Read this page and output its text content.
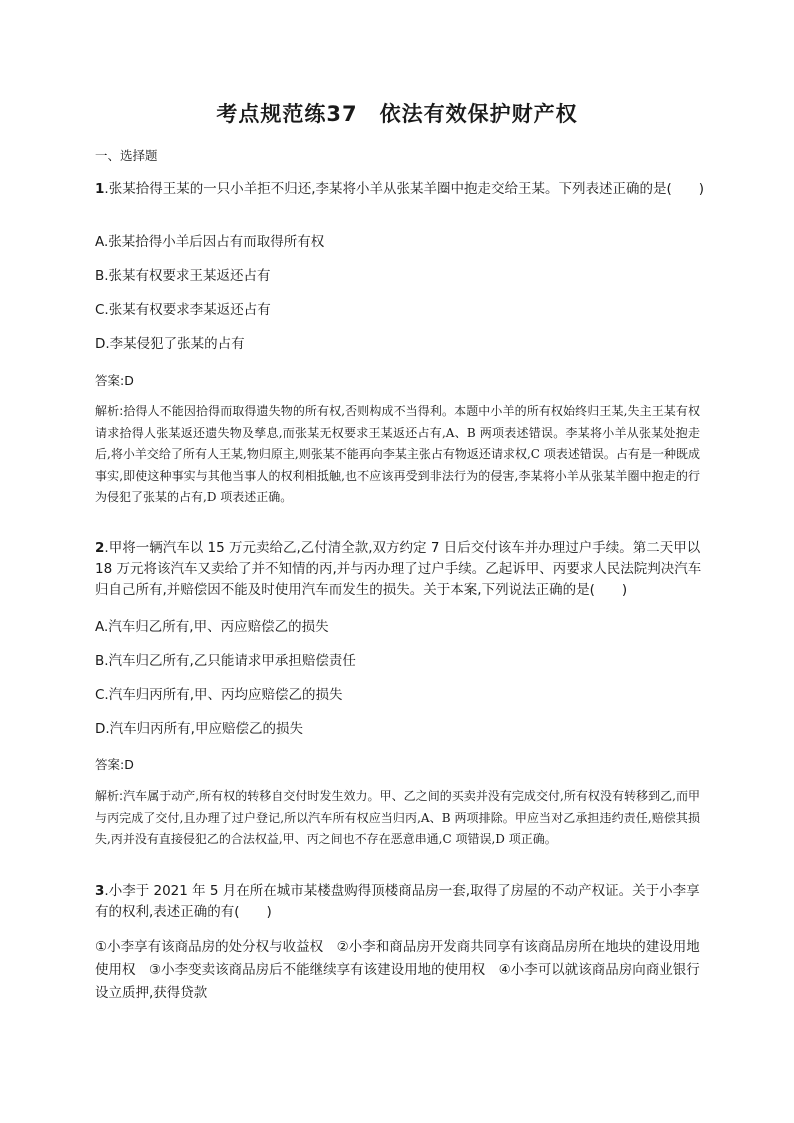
考点规范练37　依法有效保护财产权
一、选择题
1.张某拾得王某的一只小羊拒不归还,李某将小羊从张某羊圈中抱走交给王某。下列表述正确的是(　　)
A.张某拾得小羊后因占有而取得所有权
B.张某有权要求王某返还占有
C.张某有权要求李某返还占有
D.李某侵犯了张某的占有
答案:D
解析:拾得人不能因拾得而取得遗失物的所有权,否则构成不当得利。本题中小羊的所有权始终归王某,失主王某有权请求拾得人张某返还遗失物及孳息,而张某无权要求王某返还占有,A、B 两项表述错误。李某将小羊从张某处抱走后,将小羊交给了所有人王某,物归原主,则张某不能再向李某主张占有物返还请求权,C 项表述错误。占有是一种既成事实,即使这种事实与其他当事人的权利相抵触,也不应该再受到非法行为的侵害,李某将小羊从张某羊圈中抱走的行为侵犯了张某的占有,D 项表述正确。
2.甲将一辆汽车以 15 万元卖给乙,乙付清全款,双方约定 7 日后交付该车并办理过户手续。第二天甲以 18 万元将该汽车又卖给了并不知情的丙,并与丙办理了过户手续。乙起诉甲、丙要求人民法院判决汽车归自己所有,并赔偿因不能及时使用汽车而发生的损失。关于本案,下列说法正确的是(　　)
A.汽车归乙所有,甲、丙应赔偿乙的损失
B.汽车归乙所有,乙只能请求甲承担赔偿责任
C.汽车归丙所有,甲、丙均应赔偿乙的损失
D.汽车归丙所有,甲应赔偿乙的损失
答案:D
解析:汽车属于动产,所有权的转移自交付时发生效力。甲、乙之间的买卖并没有完成交付,所有权没有转移到乙,而甲与丙完成了交付,且办理了过户登记,所以汽车所有权应当归丙,A、B 两项排除。甲应当对乙承担违约责任,赔偿其损失,丙并没有直接侵犯乙的合法权益,甲、丙之间也不存在恶意串通,C 项错误,D 项正确。
3.小李于 2021 年 5 月在所在城市某楼盘购得顶楼商品房一套,取得了房屋的不动产权证。关于小李享有的权利,表述正确的有(　　)
①小李享有该商品房的处分权与收益权　②小李和商品房开发商共同享有该商品房所在地块的建设用地使用权　③小李变卖该商品房后不能继续享有该建设用地的使用权　④小李可以就该商品房向商业银行设立质押,获得贷款
